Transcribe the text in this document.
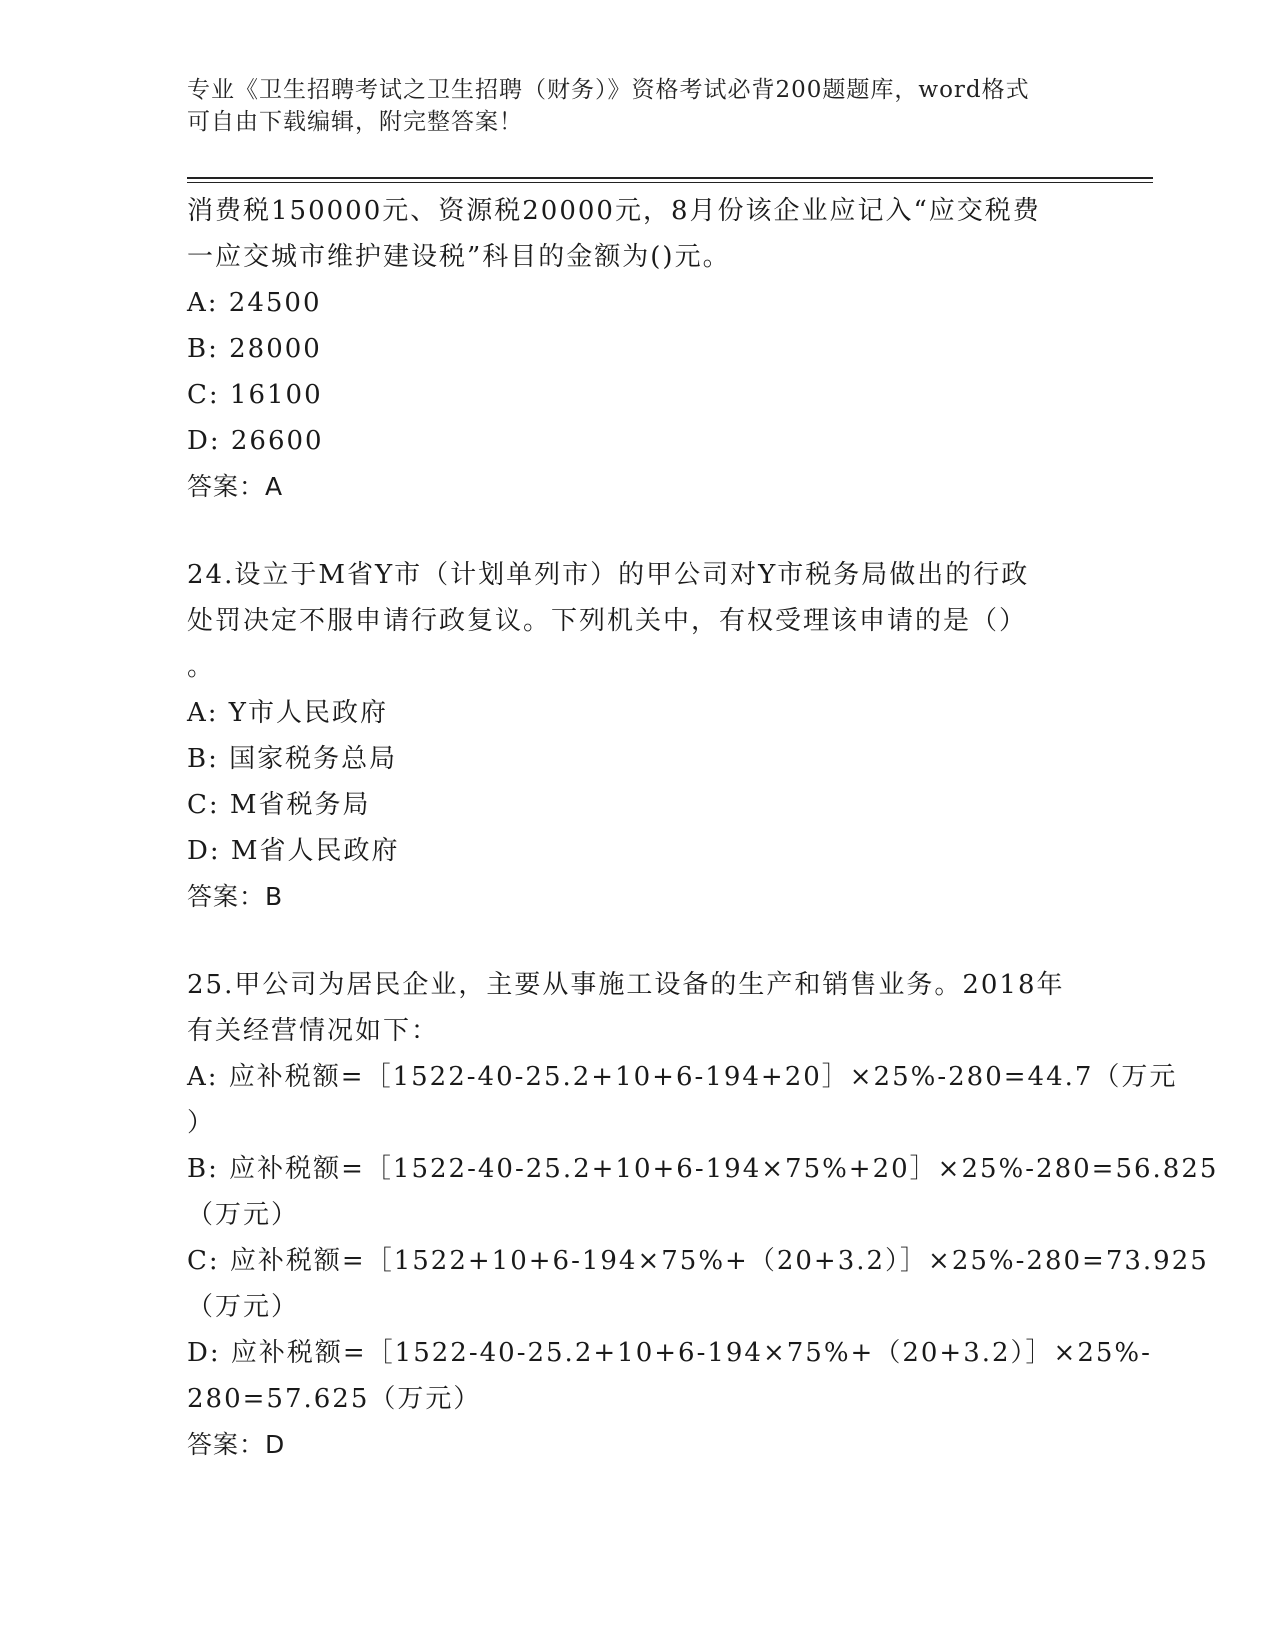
专业《卫生招聘考试之卫生招聘（财务）》资格考试必背200题题库，word格式
可自由下载编辑，附完整答案！
消费税150000元、资源税20000元，8月份该企业应记入“应交税费
一应交城市维护建设税”科目的金额为()元。
A: 24500
B: 28000
C: 16100
D: 26600
答案：A
24.设立于M省Y市（计划单列市）的甲公司对Y市税务局做出的行政
处罚决定不服申请行政复议。下列机关中，有权受理该申请的是（）
。
A: Y市人民政府
B: 国家税务总局
C: M省税务局
D: M省人民政府
答案：B
25.甲公司为居民企业，主要从事施工设备的生产和销售业务。2018年
有关经营情况如下：
A: 应补税额=［1522-40-25.2+10+6-194+20］×25%-280=44.7（万元
）
B: 应补税额=［1522-40-25.2+10+6-194×75%+20］×25%-280=56.825
（万元）
C: 应补税额=［1522+10+6-194×75%+（20+3.2）］×25%-280=73.925
（万元）
D: 应补税额=［1522-40-25.2+10+6-194×75%+（20+3.2）］×25%-
280=57.625（万元）
答案：D
